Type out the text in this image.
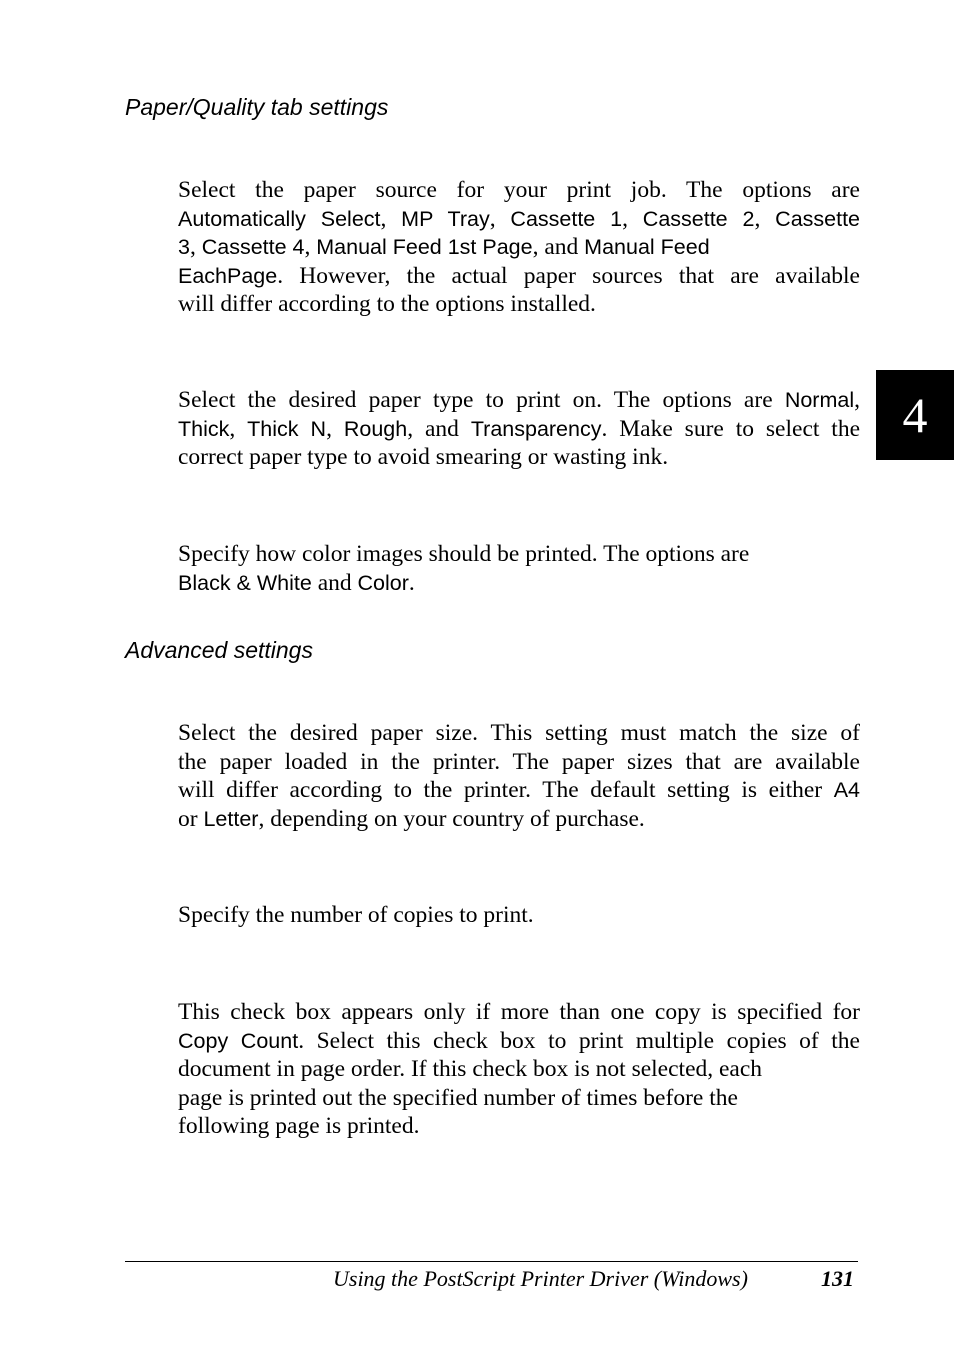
Paper/Quality tab settings
Select the paper source for your print job. The options are
Automatically Select, MP Tray, Cassette 1, Cassette 2, Cassette
3, Cassette 4, Manual Feed 1st Page, and Manual Feed
EachPage. However, the actual paper sources that are available
will differ according to the options installed.
Select the desired paper type to print on. The options are Normal,
Thick, Thick N, Rough, and Transparency. Make sure to select the
correct paper type to avoid smearing or wasting ink.
Specify how color images should be printed. The options are
Black & White and Color.
Advanced settings
Select the desired paper size. This setting must match the size of
the paper loaded in the printer. The paper sizes that are available
will differ according to the printer. The default setting is either A4
or Letter, depending on your country of purchase.
Specify the number of copies to print.
This check box appears only if more than one copy is specified for
Copy Count. Select this check box to print multiple copies of the
document in page order. If this check box is not selected, each
page is printed out the specified number of times before the
following page is printed.
4
Using the PostScript Printer Driver (Windows)	131
